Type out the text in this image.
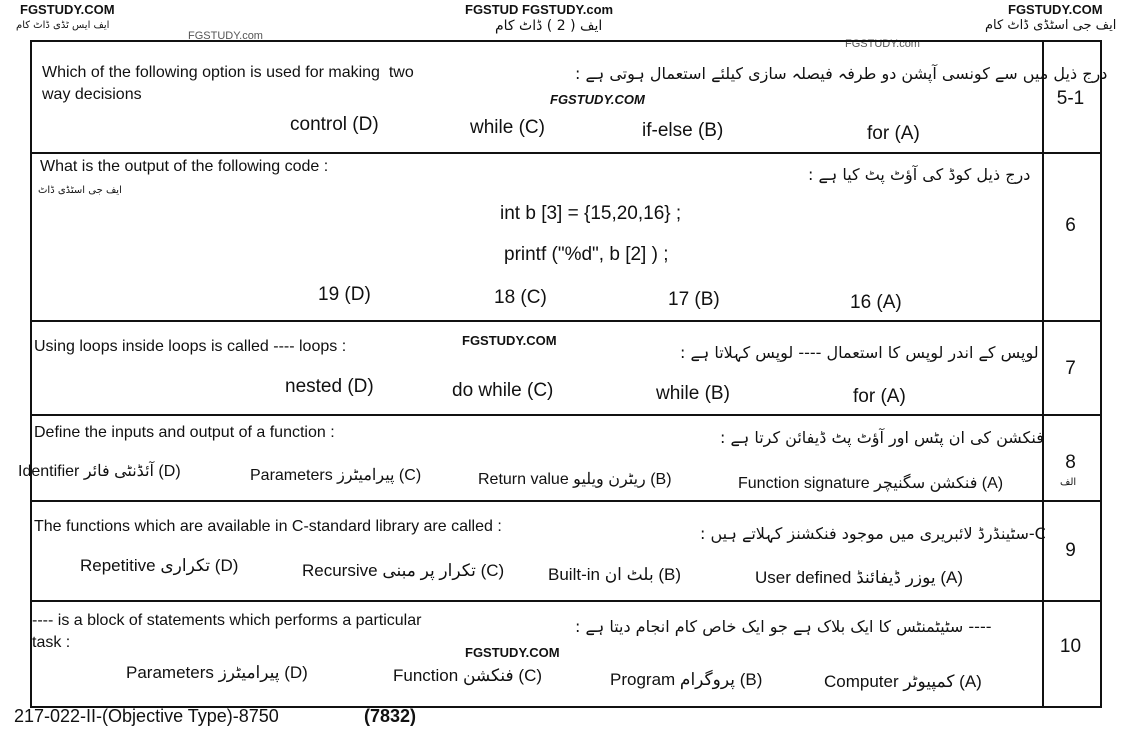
FGSTUDY.COM	FGSTUD FGSTUDY.com	FGSTUDY.COM
ایف ایس ٹڈی ڈاٹ کام
FGSTUDY.com
ایف ( 2 ) ڈاٹ کام	ایف جی اسٹڈی ڈاٹ کام
FGSTUDY.com
Which of the following option is used for making  two
way decisions
درج ذیل میں سے کونسی آپشن دو طرفہ فیصلہ سازی کیلئے استعمال ہوتی ہے :
FGSTUDY.COM
control (D)	while (C)	if-else (B)	for (A)
5-1
What is the output of the following code :	درج ذیل کوڈ کی آؤٹ پٹ کیا ہے :
ایف جی اسٹڈی ڈاٹ
int b [3] = {15,20,16} ;
printf ("%d", b [2] ) ;
19 (D)	18 (C)	17 (B)	16 (A)
6
Using loops inside loops is called ---- loops :	FGSTUDY.COM
لوپس کے اندر لوپس کا استعمال ---- لوپس کہلاتا ہے :
nested (D)	do while (C)	while (B)	for (A)
7
Define the inputs and output of a function :	فنکشن کی ان پٹس اور آؤٹ پٹ ڈیفائن کرتا ہے :
Identifier آئڈنٹی فائر (D)	Parameters پیرامیٹرز (C)	Return value ریٹرن ویلیو (B)	Function signature فنکشن سگنیچر (A)
8
الف
The functions which are available in C-standard library are called :	C-سٹینڈرڈ لائبریری میں موجود فنکشنز کہلاتے ہیں :
Repetitive تکراری (D)	Recursive تکرار پر مبنی (C)	Built-in بلٹ ان (B)	User defined یوزر ڈیفائنڈ (A)
9
---- is a block of statements which performs a particular
task :
---- سٹیٹمنٹس کا ایک بلاک ہے جو ایک خاص کام انجام دیتا ہے :
FGSTUDY.COM
Parameters پیرامیٹرز (D)	Function فنکشن (C)	Program پروگرام (B)	Computer کمپیوٹر (A)
10
217-022-II-(Objective Type)-8750	(7832)
